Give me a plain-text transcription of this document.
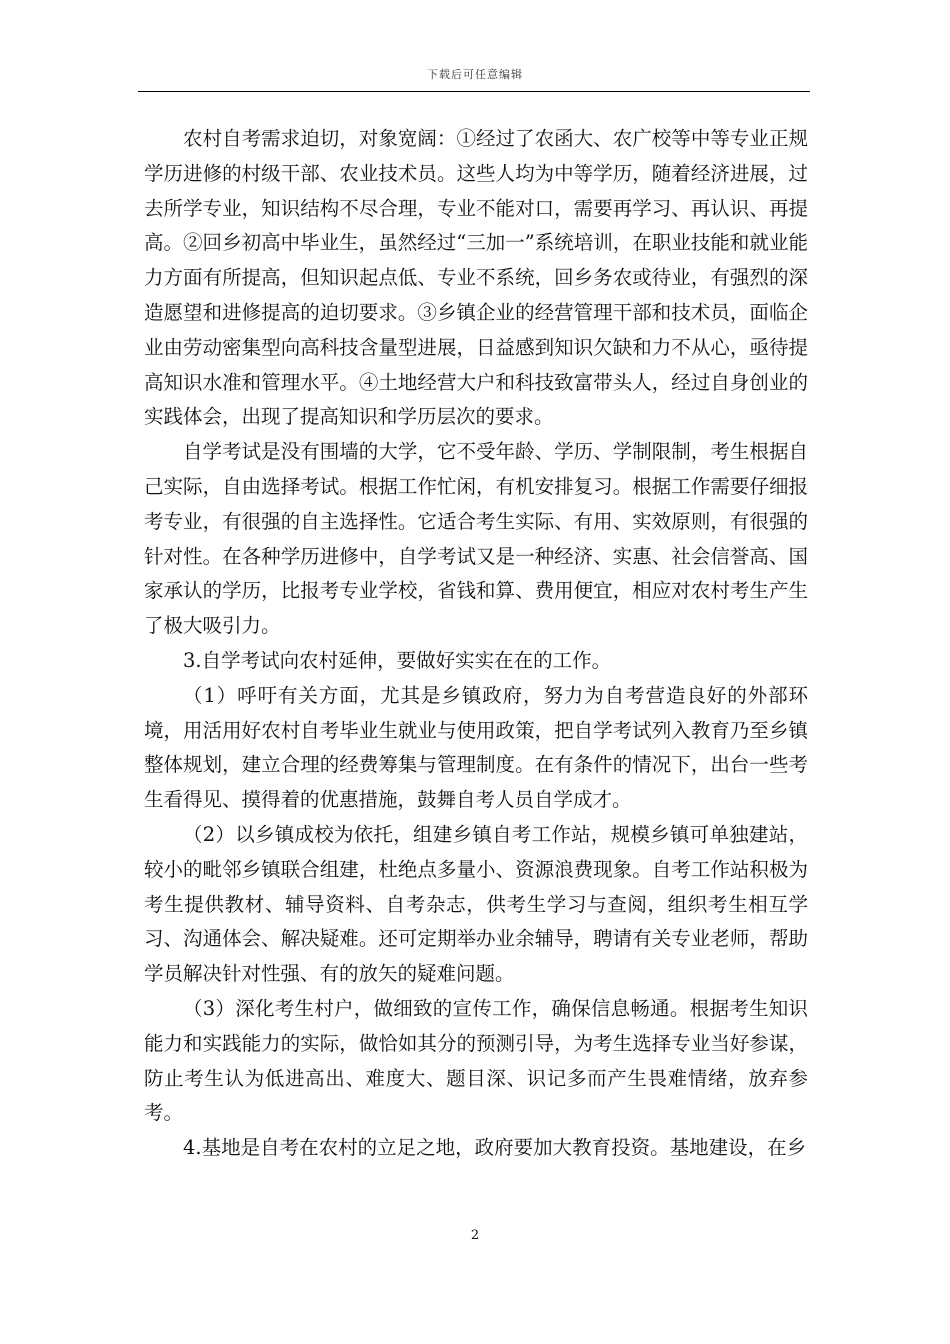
下载后可任意编辑

农村自考需求迫切，对象宽阔：①经过了农函大、农广校等中等专业正规学历进修的村级干部、农业技术员。这些人均为中等学历，随着经济进展，过去所学专业，知识结构不尽合理，专业不能对口，需要再学习、再认识、再提高。②回乡初高中毕业生，虽然经过“三加一”系统培训，在职业技能和就业能力方面有所提高，但知识起点低、专业不系统，回乡务农或待业，有强烈的深造愿望和进修提高的迫切要求。③乡镇企业的经营管理干部和技术员，面临企业由劳动密集型向高科技含量型进展，日益感到知识欠缺和力不从心，亟待提高知识水准和管理水平。④土地经营大户和科技致富带头人，经过自身创业的实践体会，出现了提高知识和学历层次的要求。

自学考试是没有围墙的大学，它不受年龄、学历、学制限制，考生根据自己实际，自由选择考试。根据工作忙闲，有机安排复习。根据工作需要仔细报考专业，有很强的自主选择性。它适合考生实际、有用、实效原则，有很强的针对性。在各种学历进修中，自学考试又是一种经济、实惠、社会信誉高、国家承认的学历，比报考专业学校，省钱和算、费用便宜，相应对农村考生产生了极大吸引力。

3.自学考试向农村延伸，要做好实实在在的工作。

（1）呼吁有关方面，尤其是乡镇政府，努力为自考营造良好的外部环境，用活用好农村自考毕业生就业与使用政策，把自学考试列入教育乃至乡镇整体规划，建立合理的经费筹集与管理制度。在有条件的情况下，出台一些考生看得见、摸得着的优惠措施，鼓舞自考人员自学成才。

（2）以乡镇成校为依托，组建乡镇自考工作站，规模乡镇可单独建站，较小的毗邻乡镇联合组建，杜绝点多量小、资源浪费现象。自考工作站积极为考生提供教材、辅导资料、自考杂志，供考生学习与查阅，组织考生相互学习、沟通体会、解决疑难。还可定期举办业余辅导，聘请有关专业老师，帮助学员解决针对性强、有的放矢的疑难问题。

（3）深化考生村户，做细致的宣传工作，确保信息畅通。根据考生知识能力和实践能力的实际，做恰如其分的预测引导，为考生选择专业当好参谋，防止考生认为低进高出、难度大、题目深、识记多而产生畏难情绪，放弃参考。

4.基地是自考在农村的立足之地，政府要加大教育投资。基地建设，在乡

2
